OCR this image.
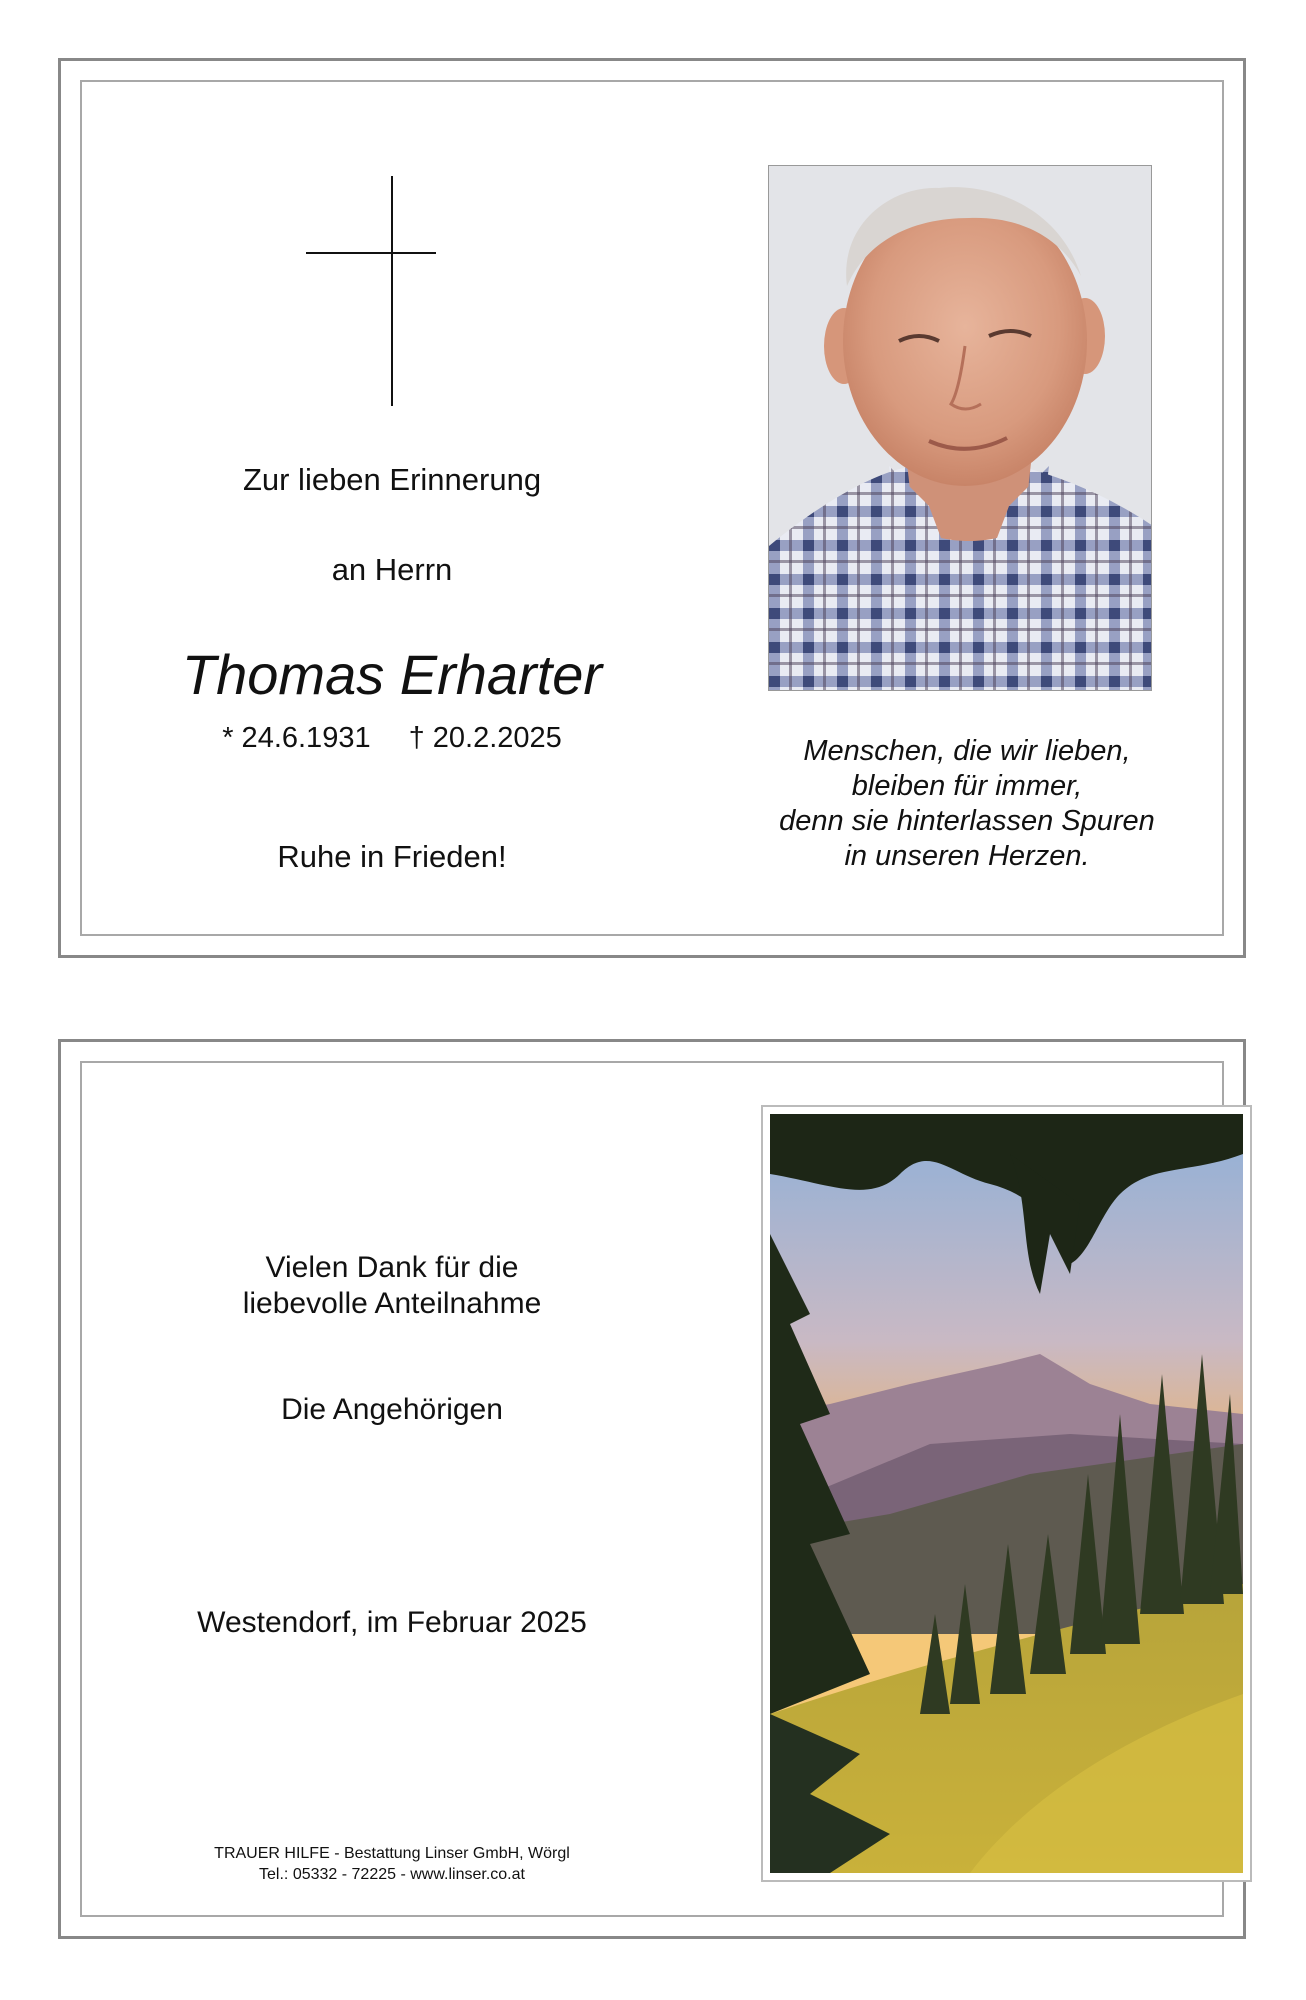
Zur lieben Erinnerung
an Herrn
Thomas Erharter
* 24.6.1931 † 20.2.2025
Ruhe in Frieden!
Menschen, die wir lieben,
bleiben für immer,
denn sie hinterlassen Spuren
in unseren Herzen.
Vielen Dank für die
liebevolle Anteilnahme
Die Angehörigen
Westendorf, im Februar 2025
TRAUER HILFE - Bestattung Linser GmbH, Wörgl
Tel.: 05332 - 72225 - www.linser.co.at
